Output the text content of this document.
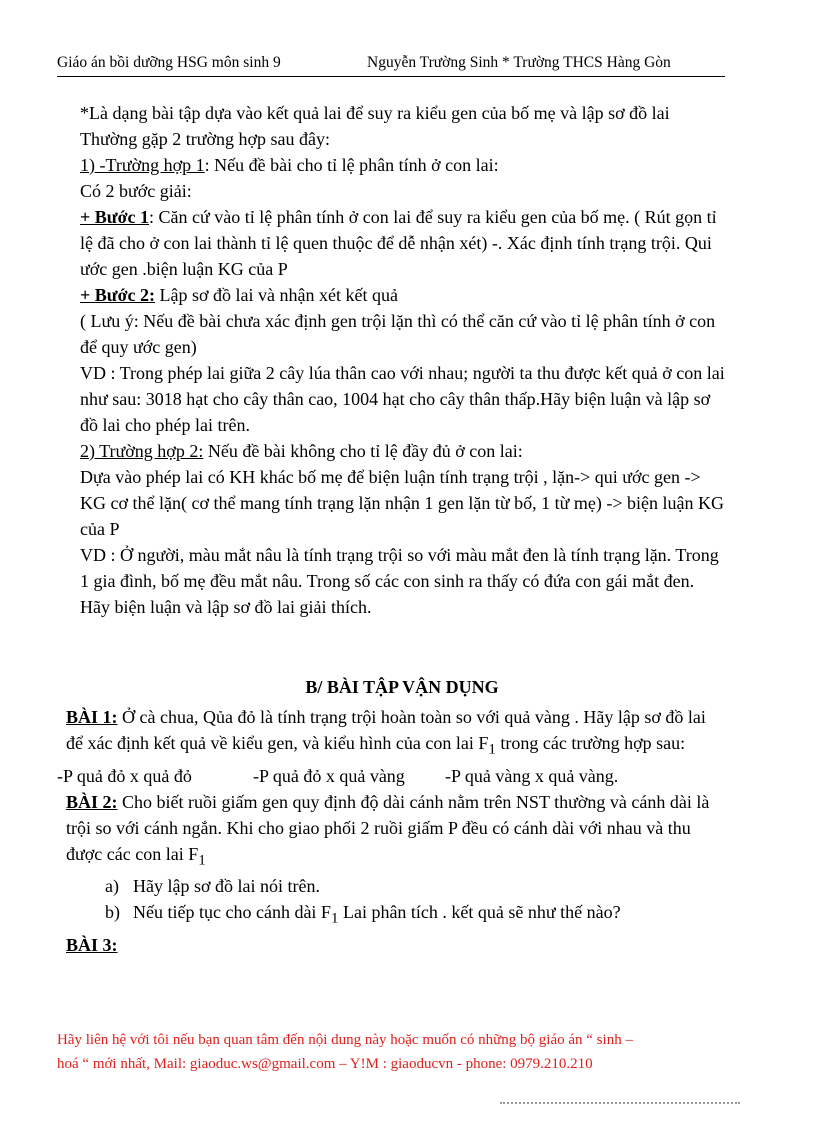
Giáo án bồi dưỡng HSG môn sinh 9	Nguyễn Trường Sinh * Trường THCS Hàng Gòn

*Là dạng bài tập dựa vào kết quả lai để suy ra kiểu gen của bố mẹ và lập sơ đồ lai

Thường gặp 2 trường hợp sau đây:

1) -Trường hợp 1: Nếu đề bài cho tỉ lệ phân tính ở con lai:

Có 2 bước giải:

+ Bước 1: Căn cứ vào tỉ lệ phân tính ở con lai để suy ra kiểu gen của bố mẹ. ( Rút gọn tỉ lệ đã cho ở con lai thành tỉ lệ quen thuộc để dễ nhận xét) -. Xác định tính trạng trội. Qui ước gen .biện luận KG của P

+ Bước 2: Lập sơ đồ lai và nhận xét kết quả

( Lưu ý: Nếu đề bài chưa xác định gen trội lặn thì có thể căn cứ vào tỉ lệ phân tính ở con để quy ước gen)

VD : Trong phép lai giữa 2 cây lúa thân cao với nhau; người ta thu được kết quả ở con lai như sau: 3018 hạt cho cây thân cao, 1004 hạt cho cây thân thấp.Hãy biện luận và lập sơ đồ lai cho phép lai trên.

2) Trường hợp 2: Nếu đề bài không cho tỉ lệ đầy đủ ở con lai:

Dựa vào phép lai có KH khác bố mẹ để biện luận tính trạng trội , lặn-> qui ước gen -> KG cơ thể lặn( cơ thể mang tính trạng lặn nhận 1 gen lặn từ bố, 1 từ mẹ) -> biện luận KG của P

VD : Ở người, màu mắt nâu là tính trạng trội so với màu mắt đen là tính trạng lặn. Trong 1 gia đình, bố mẹ đều mắt nâu. Trong số các con sinh ra thấy có đứa con gái mắt đen. Hãy biện luận và lập sơ đồ lai giải thích.

B/ BÀI TẬP VẬN DỤNG

BÀI 1: Ở cà chua, Qủa đỏ là tính trạng trội hoàn toàn so với quả vàng . Hãy lập sơ đồ lai để xác định kết quả về kiểu gen, và kiểu hình của con lai $F_1$ trong các trường hợp sau:

-P quả đỏ x quả đỏ	-P quả đỏ x quả vàng -P quả vàng x quả vàng.

BÀI 2: Cho biết ruồi giấm gen quy định độ dài cánh nằm trên NST thường và cánh dài là trội so với cánh ngắn. Khi cho giao phối 2 ruồi giấm P đều có cánh dài với nhau và thu được các con lai $F_1$

a) Hãy lập sơ đồ lai nói trên.

b) Nếu tiếp tục cho cánh dài $F_1$ Lai phân tích . kết quả sẽ như thế nào?

BÀI 3:

Hãy liên hệ với tôi nếu bạn quan tâm đến nội dung này hoặc muốn có những bộ giáo án “ sinh –

hoá “ mới nhất, Mail: giaoduc.ws@gmail.com – Y!M : giaoducvn - phone: 0979.210.210
